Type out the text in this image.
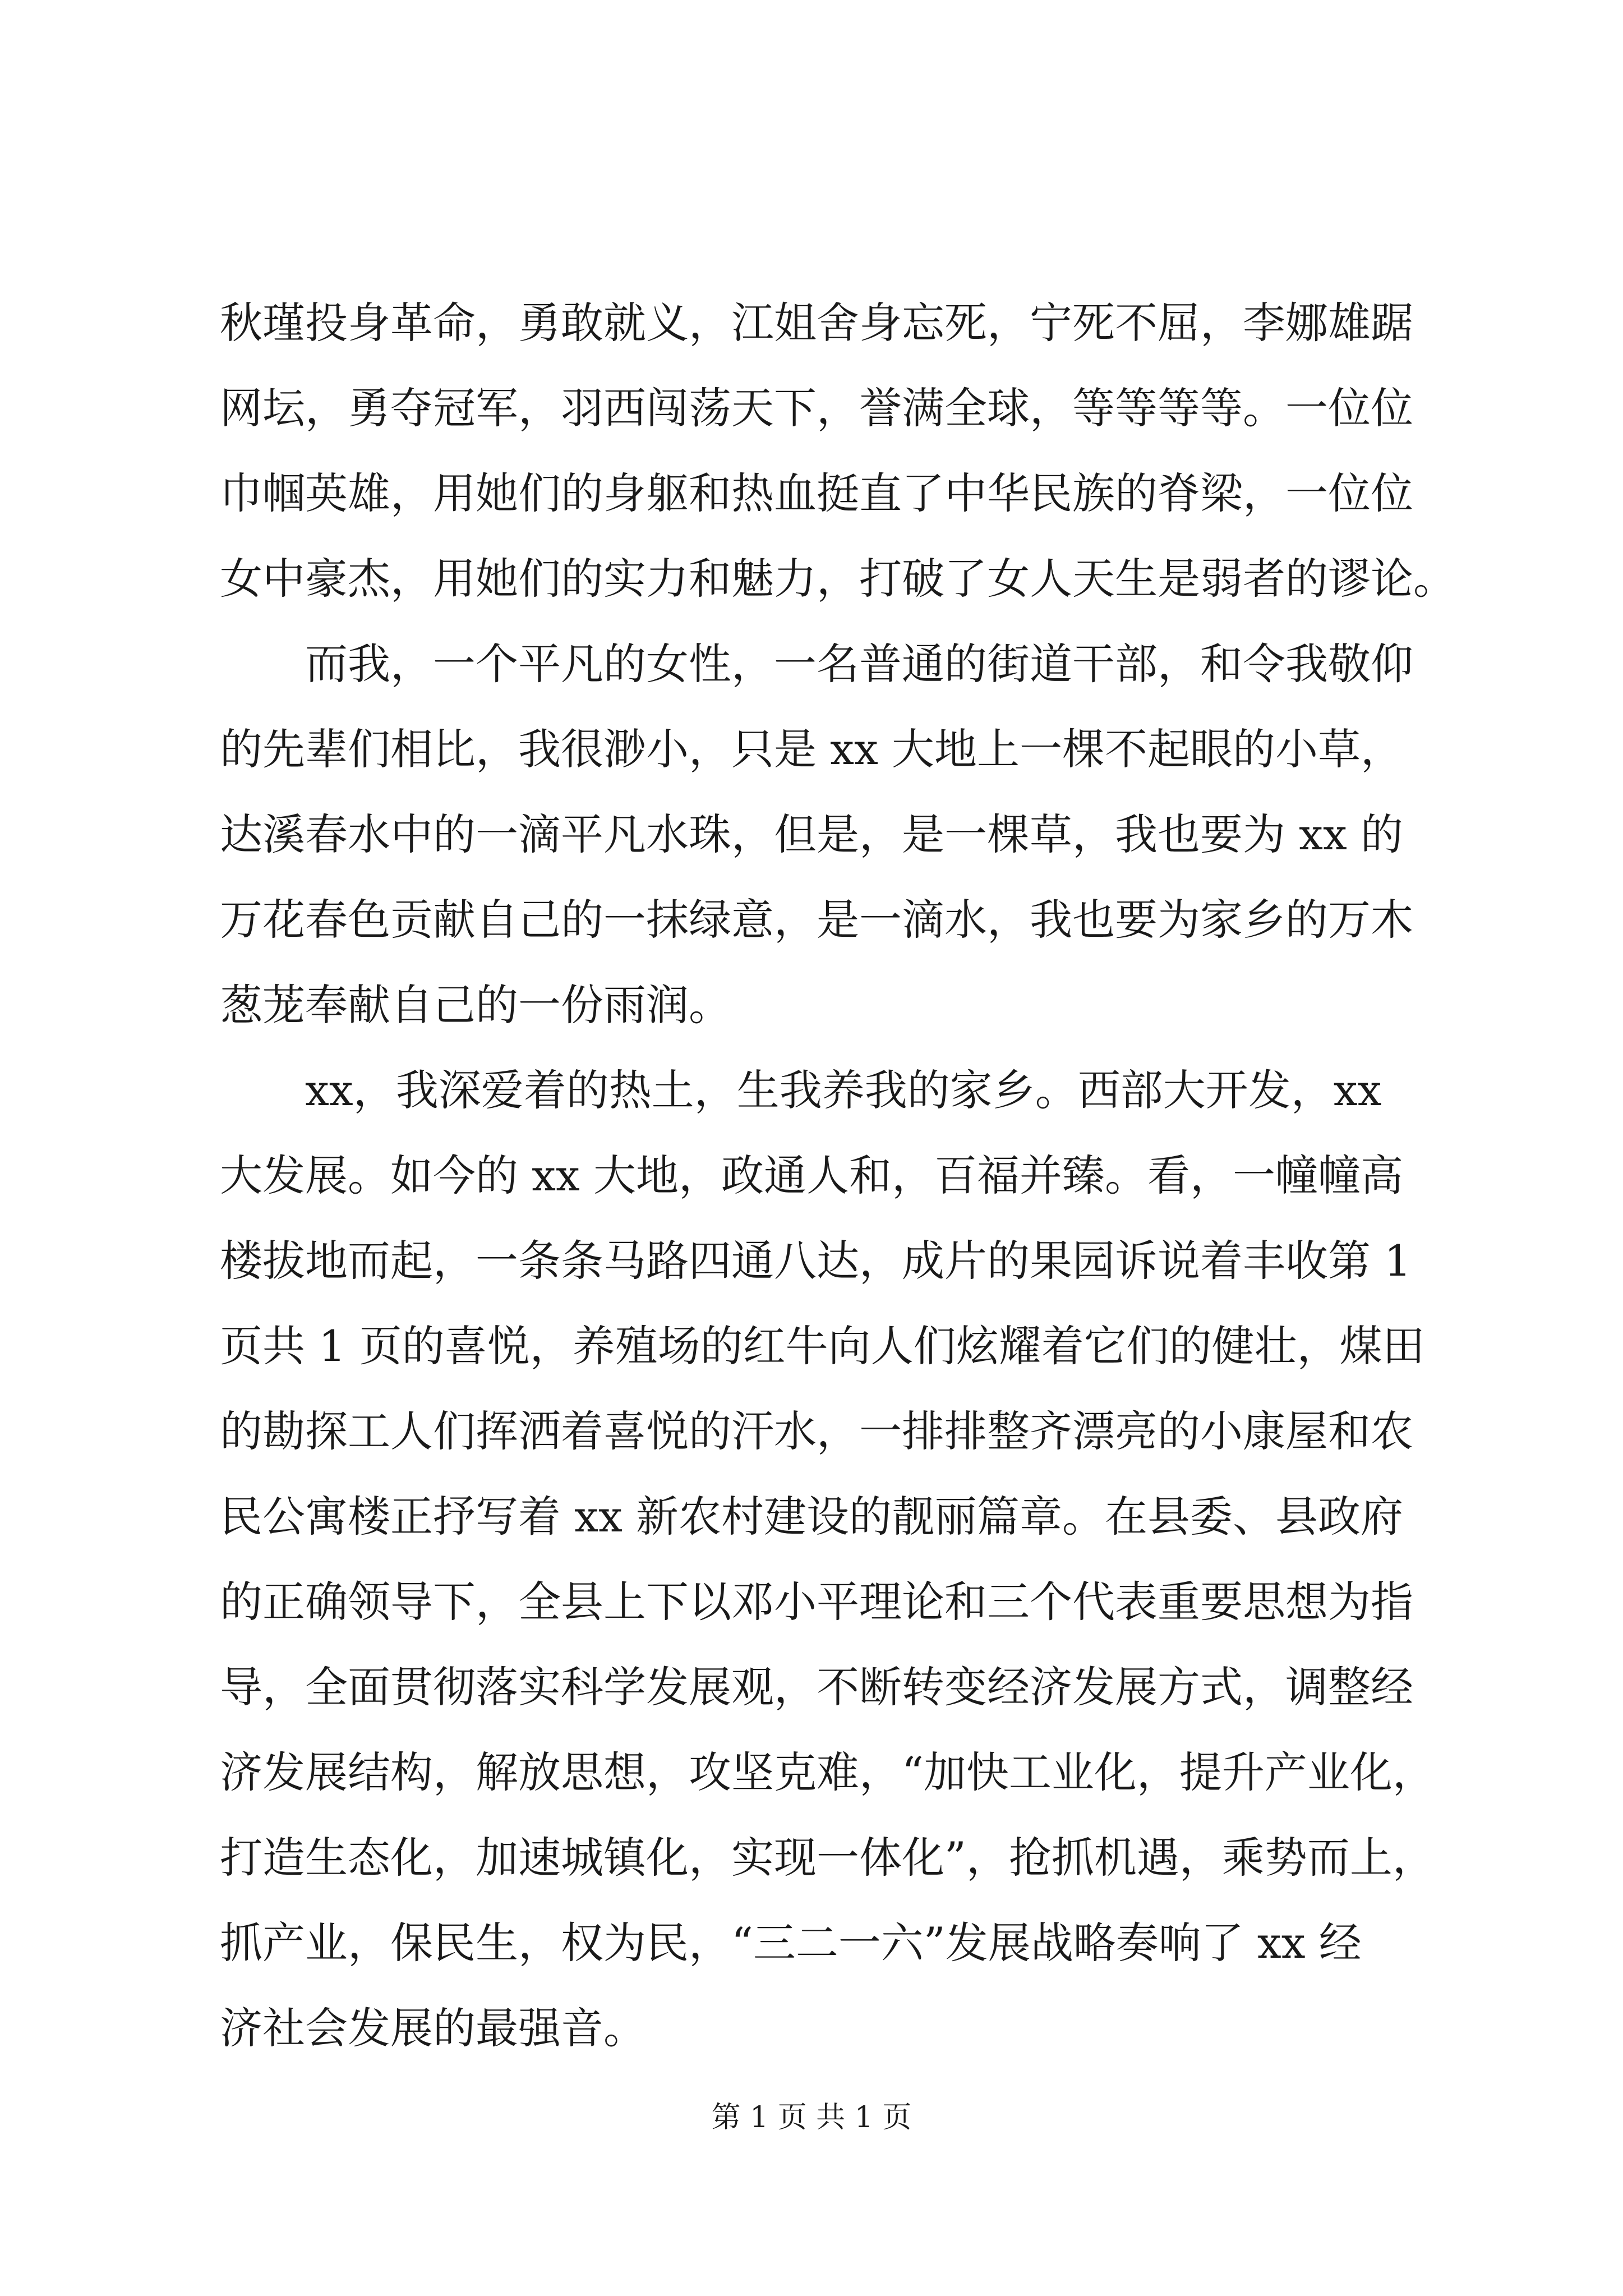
秋瑾投身革命，勇敢就义，江姐舍身忘死，宁死不屈，李娜雄踞
网坛，勇夺冠军，羽西闯荡天下，誉满全球，等等等等。一位位
巾帼英雄，用她们的身躯和热血挺直了中华民族的脊梁，一位位
女中豪杰，用她们的实力和魅力，打破了女人天生是弱者的谬论。
　　而我，一个平凡的女性，一名普通的街道干部，和令我敬仰
的先辈们相比，我很渺小，只是 xx 大地上一棵不起眼的小草，
达溪春水中的一滴平凡水珠，但是，是一棵草，我也要为 xx 的
万花春色贡献自己的一抹绿意，是一滴水，我也要为家乡的万木
葱茏奉献自己的一份雨润。
　　xx，我深爱着的热土，生我养我的家乡。西部大开发，xx
大发展。如今的 xx 大地，政通人和，百福并臻。看，一幢幢高
楼拔地而起，一条条马路四通八达，成片的果园诉说着丰收第 1
页共 1 页的喜悦，养殖场的红牛向人们炫耀着它们的健壮，煤田
的勘探工人们挥洒着喜悦的汗水，一排排整齐漂亮的小康屋和农
民公寓楼正抒写着 xx 新农村建设的靓丽篇章。在县委、县政府
的正确领导下，全县上下以邓小平理论和三个代表重要思想为指
导，全面贯彻落实科学发展观，不断转变经济发展方式，调整经
济发展结构，解放思想，攻坚克难，“加快工业化，提升产业化，
打造生态化，加速城镇化，实现一体化”，抢抓机遇，乘势而上，
抓产业，保民生，权为民，“三二一六”发展战略奏响了 xx 经
济社会发展的最强音。
第 1 页 共 1 页
